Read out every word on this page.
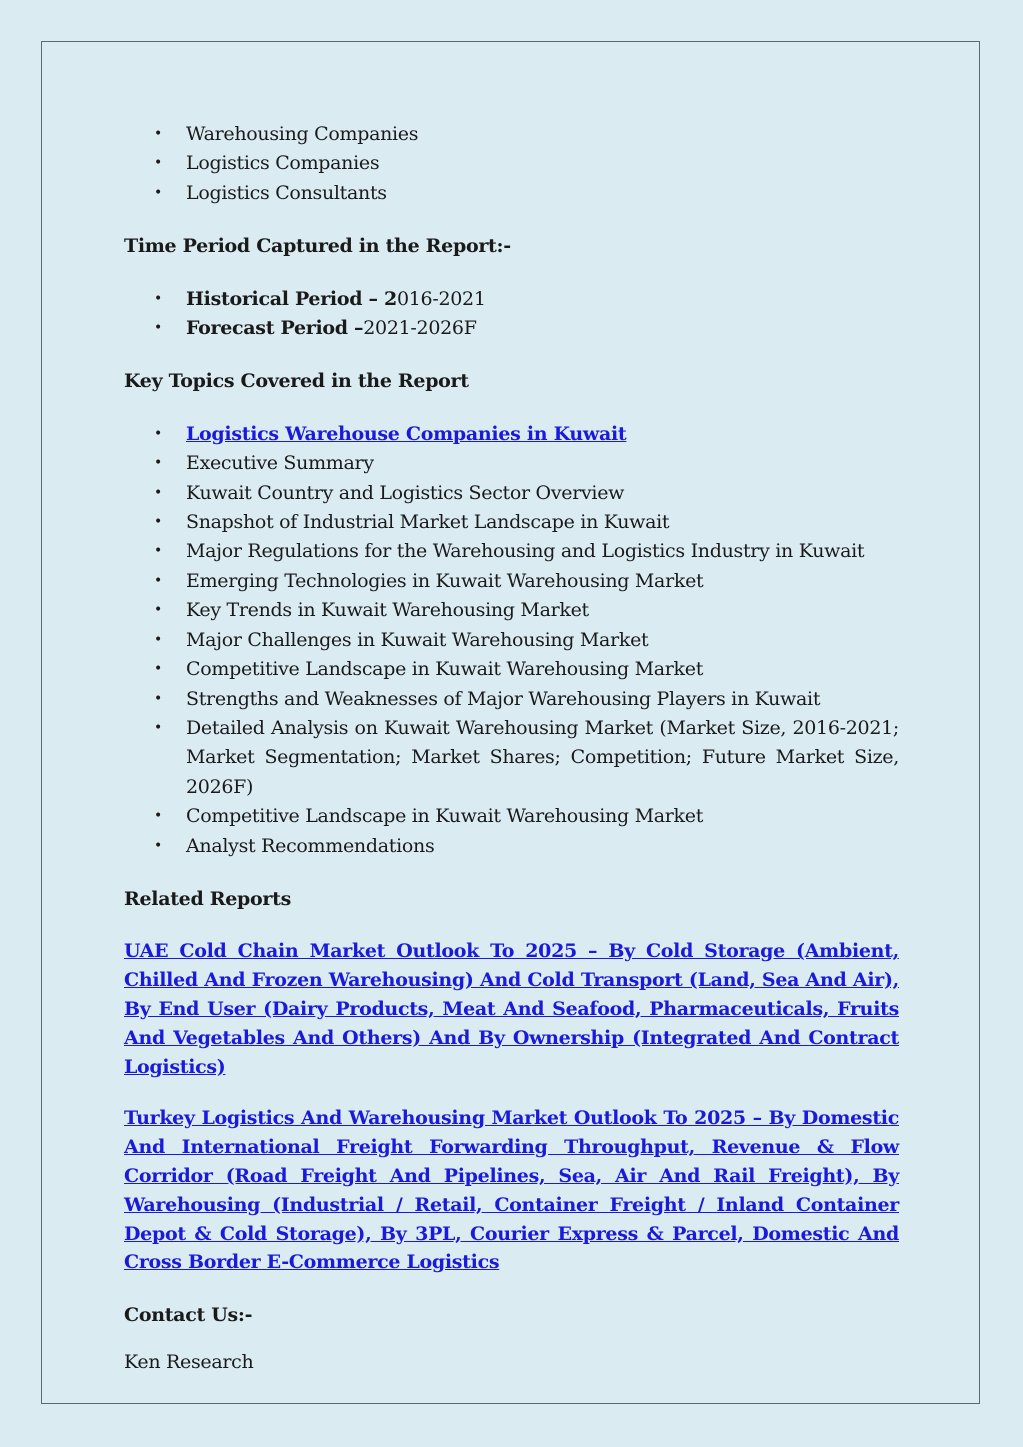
• Warehousing Companies
• Logistics Companies
• Logistics Consultants

Time Period Captured in the Report:-

• Historical Period – 2016-2021
• Forecast Period –2021-2026F

Key Topics Covered in the Report

• Logistics Warehouse Companies in Kuwait
• Executive Summary
• Kuwait Country and Logistics Sector Overview
• Snapshot of Industrial Market Landscape in Kuwait
• Major Regulations for the Warehousing and Logistics Industry in Kuwait
• Emerging Technologies in Kuwait Warehousing Market
• Key Trends in Kuwait Warehousing Market
• Major Challenges in Kuwait Warehousing Market
• Competitive Landscape in Kuwait Warehousing Market
• Strengths and Weaknesses of Major Warehousing Players in Kuwait
• Detailed Analysis on Kuwait Warehousing Market (Market Size, 2016-2021; Market Segmentation; Market Shares; Competition; Future Market Size, 2026F)
• Competitive Landscape in Kuwait Warehousing Market
• Analyst Recommendations

Related Reports

UAE Cold Chain Market Outlook To 2025 – By Cold Storage (Ambient, Chilled And Frozen Warehousing) And Cold Transport (Land, Sea And Air), By End User (Dairy Products, Meat And Seafood, Pharmaceuticals, Fruits And Vegetables And Others) And By Ownership (Integrated And Contract Logistics)
Turkey Logistics And Warehousing Market Outlook To 2025 – By Domestic And International Freight Forwarding Throughput, Revenue & Flow Corridor (Road Freight And Pipelines, Sea, Air And Rail Freight), By Warehousing (Industrial / Retail, Container Freight / Inland Container Depot & Cold Storage), By 3PL, Courier Express & Parcel, Domestic And Cross Border E-Commerce Logistics

Contact Us:-

Ken Research
